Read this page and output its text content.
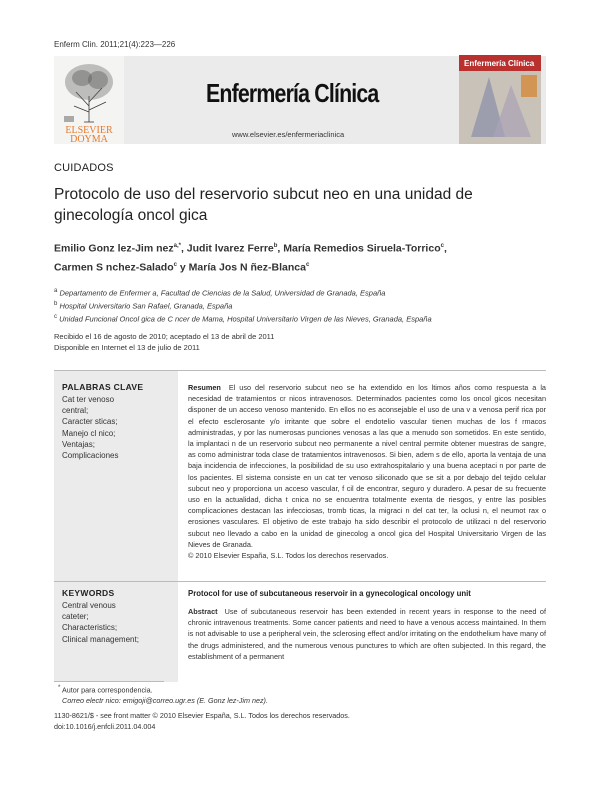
Enferm Clin. 2011;21(4):223—226
ELSEVIER
DOYMA
Enfermería Clínica
www.elsevier.es/enfermeriaclinica
Enfermería Clínica
CUIDADOS
Protocolo de uso del reservorio subcut neo en una unidad de
ginecología oncol gica
Emilio Gonz lez-Jim nez$^{a,*}$, Judit lvarez Ferre$^b$, María Remedios Siruela-Torrico$^c$,
Carmen S nchez-Salado$^c$ y María Jos N ñez-Blanca$^c$
$^a$ Departamento de Enfermer a, Facultad de Ciencias de la Salud, Universidad de Granada, España
$^b$ Hospital Universitario San Rafael, Granada, España
$^c$ Unidad Funcional Oncol gica de C ncer de Mama, Hospital Universitario Virgen de las Nieves, Granada, España
Recibido el 16 de agosto de 2010; aceptado el 13 de abril de 2011
Disponible en Internet el 13 de julio de 2011
PALABRAS CLAVE
Cat ter venoso
central;
Caracter sticas;
Manejo cl nico;
Ventajas;
Complicaciones
Resumen El uso del reservorio subcut neo se ha extendido en los ltimos años como respuesta a la necesidad de tratamientos cr nicos intravenosos. Determinados pacientes como los oncol gicos necesitan disponer de un acceso venoso mantenido. En ellos no es aconsejable el uso de una v a venosa perif rica por el efecto esclerosante y/o irritante que sobre el endotelio vascular tienen muchas de los f rmacos administradas, y por las numerosas punciones venosas a las que a menudo son sometidos. En este sentido, la implantaci n de un reservorio subcut neo permanente a nivel central permite obtener muestras de sangre, as como administrar toda clase de tratamientos intravenosos. Si bien, adem s de ello, aporta la ventaja de una baja incidencia de infecciones, la posibilidad de su uso extrahospitalario y una buena aceptaci n por parte de los pacientes. El sistema consiste en un cat ter venoso siliconado que se sit a por debajo del tejido celular subcut neo y proporciona un acceso vascular, f cil de encontrar, seguro y duradero. A pesar de su frecuente uso en la actualidad, dicha t cnica no se encuentra totalmente exenta de riesgos, y entre las posibles complicaciones destacan las infecciosas, tromb ticas, la migraci n del cat ter, la oclusi n, el neumot rax o erosiones vasculares. El objetivo de este trabajo ha sido describir el protocolo de utilizaci n del reservorio subcut neo llevado a cabo en la unidad de ginecolog a oncol gica del Hospital Universitario Virgen de las Nieves de Granada.
© 2010 Elsevier España, S.L. Todos los derechos reservados.
KEYWORDS
Central venous
cateter;
Characteristics;
Clinical management;
Protocol for use of subcutaneous reservoir in a gynecological oncology unit
Abstract Use of subcutaneous reservoir has been extended in recent years in response to the need of chronic intravenous treatments. Some cancer patients and need to have a venous access maintained. In them is not advisable to use a peripheral vein, the sclerosing effect and/or irritating on the endothelium have many of the drugs administered, and the numerous venous punctures to which are often subjected. In this regard, the establishment of a permanent
* Autor para correspondencia.
Correo electr nico: emigoji@correo.ugr.es (E. Gonz lez-Jim nez).
1130-8621/$ - see front matter © 2010 Elsevier España, S.L. Todos los derechos reservados.
doi:10.1016/j.enfcli.2011.04.004
